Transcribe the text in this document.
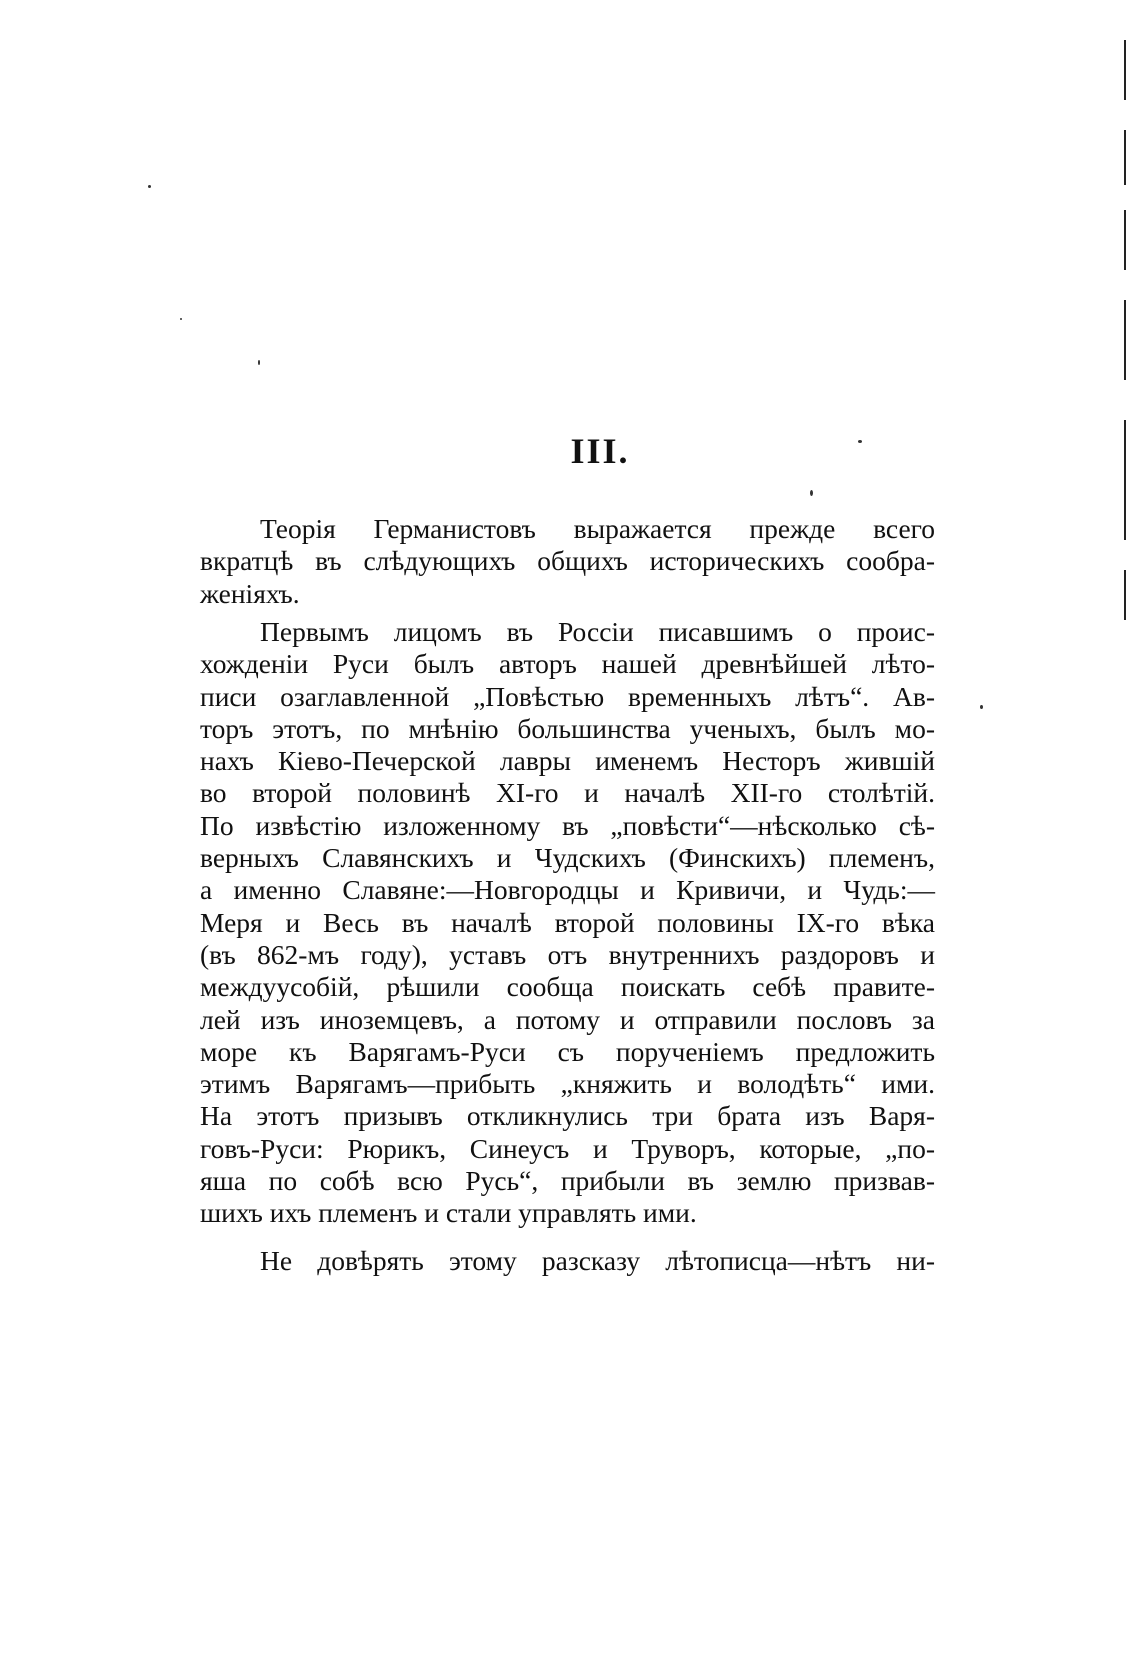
III.
Теорія Германистовъ выражается прежде всего
вкратцѣ въ слѣдующихъ общихъ историческихъ сообра-
женіяхъ.
Первымъ лицомъ въ Россіи писавшимъ о проис-
хожденіи Руси былъ авторъ нашей древнѣйшей лѣто-
писи озаглавленной „Повѣстью временныхъ лѣтъ“. Ав-
торъ этотъ, по мнѣнію большинства ученыхъ, былъ мо-
нахъ Кіево-Печерской лавры именемъ Несторъ жившій
во второй половинѣ XI-го и началѣ XII-го столѣтій.
По извѣстію изложенному въ „повѣсти“—нѣсколько сѣ-
верныхъ Славянскихъ и Чудскихъ (Финскихъ) племенъ,
а именно Славяне:—Новгородцы и Кривичи, и Чудь:—
Меря и Весь въ началѣ второй половины IX-го вѣка
(въ 862-мъ году), уставъ отъ внутреннихъ раздоровъ и
междуусобій, рѣшили сообща поискать себѣ правите-
лей изъ иноземцевъ, а потому и отправили пословъ за
море къ Варягамъ-Руси съ порученіемъ предложить
этимъ Варягамъ—прибыть „княжить и володѣть“ ими.
На этотъ призывъ откликнулись три брата изъ Варя-
говъ-Руси: Рюрикъ, Синеусъ и Труворъ, которые, „по-
яша по собѣ всю Русь“, прибыли въ землю призвав-
шихъ ихъ племенъ и стали управлять ими.
Не довѣрять этому разсказу лѣтописца—нѣтъ ни-
